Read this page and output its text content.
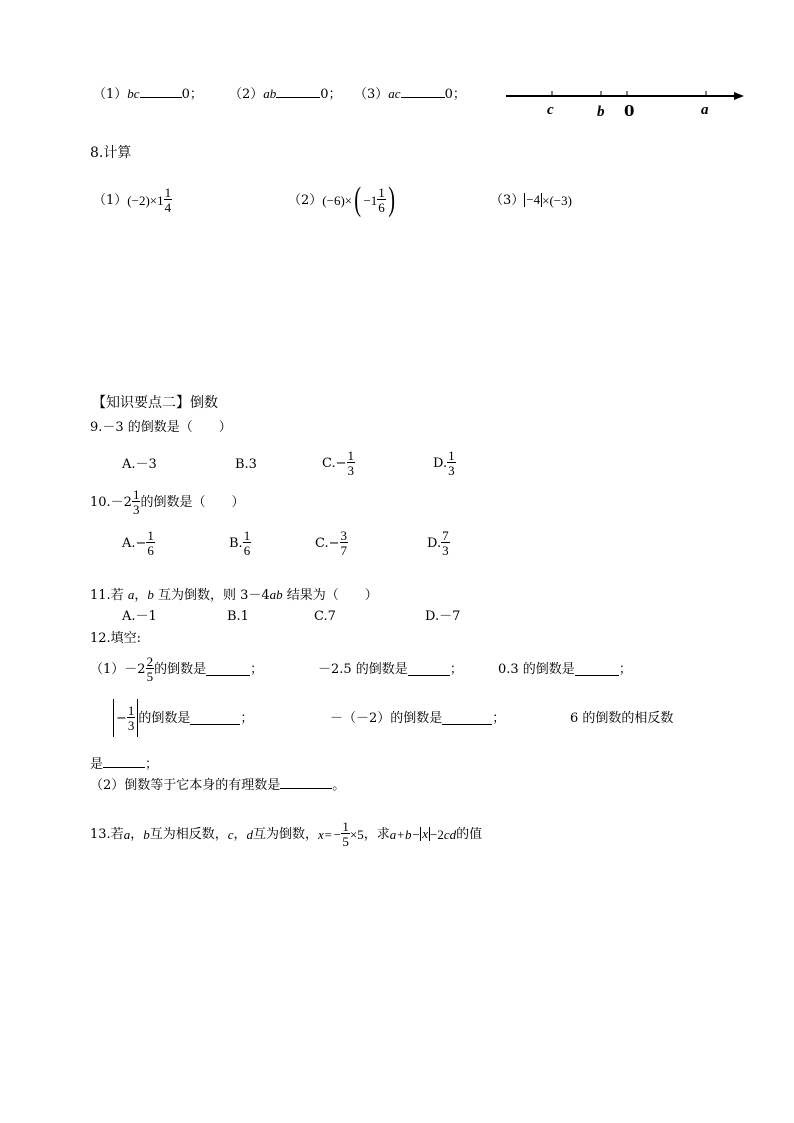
（1）bc	0； （2）ab	0； （3）ac	0；
c	b 0	a
8.计算
（1） $(-2)\times 1 \frac{1}{4}$	（2） (−6)× ( $-1 \frac{1}{6}$ )	（3） −4 ×(−3)
【知识要点二】倒数
9.－3 的倒数是（　　）
A.－3	B.3	$C.- \frac{1}{3}$	D. $\frac{1}{3}$
$10.-2 \frac{1}{3}$ 的倒数是（　　）
$A.- \frac{1}{6}$	B. $\frac{1}{6}$	$C.- \frac{3}{7}$	D. $\frac{7}{3}$
11.若 a，b 互为倒数，则 3－4ab 结果为（　　）
A.－1	B.1	C.7	D.－7
12.填空:
$(1) -2 \frac{2}{5}$ 的倒数是	；	－2.5 的倒数是	；	0.3 的倒数是	；
− $\frac{1}{3}$ 的倒数是	；	－（－2）的倒数是	；	6 的倒数的相反数
是	；
（2）倒数等于它本身的有理数是	。
13.若 a ， b 互为相反数， c ， d 互为倒数， $x=- \frac{1}{5} \times 5$ ，求 a+b− x −2 cd 的值
